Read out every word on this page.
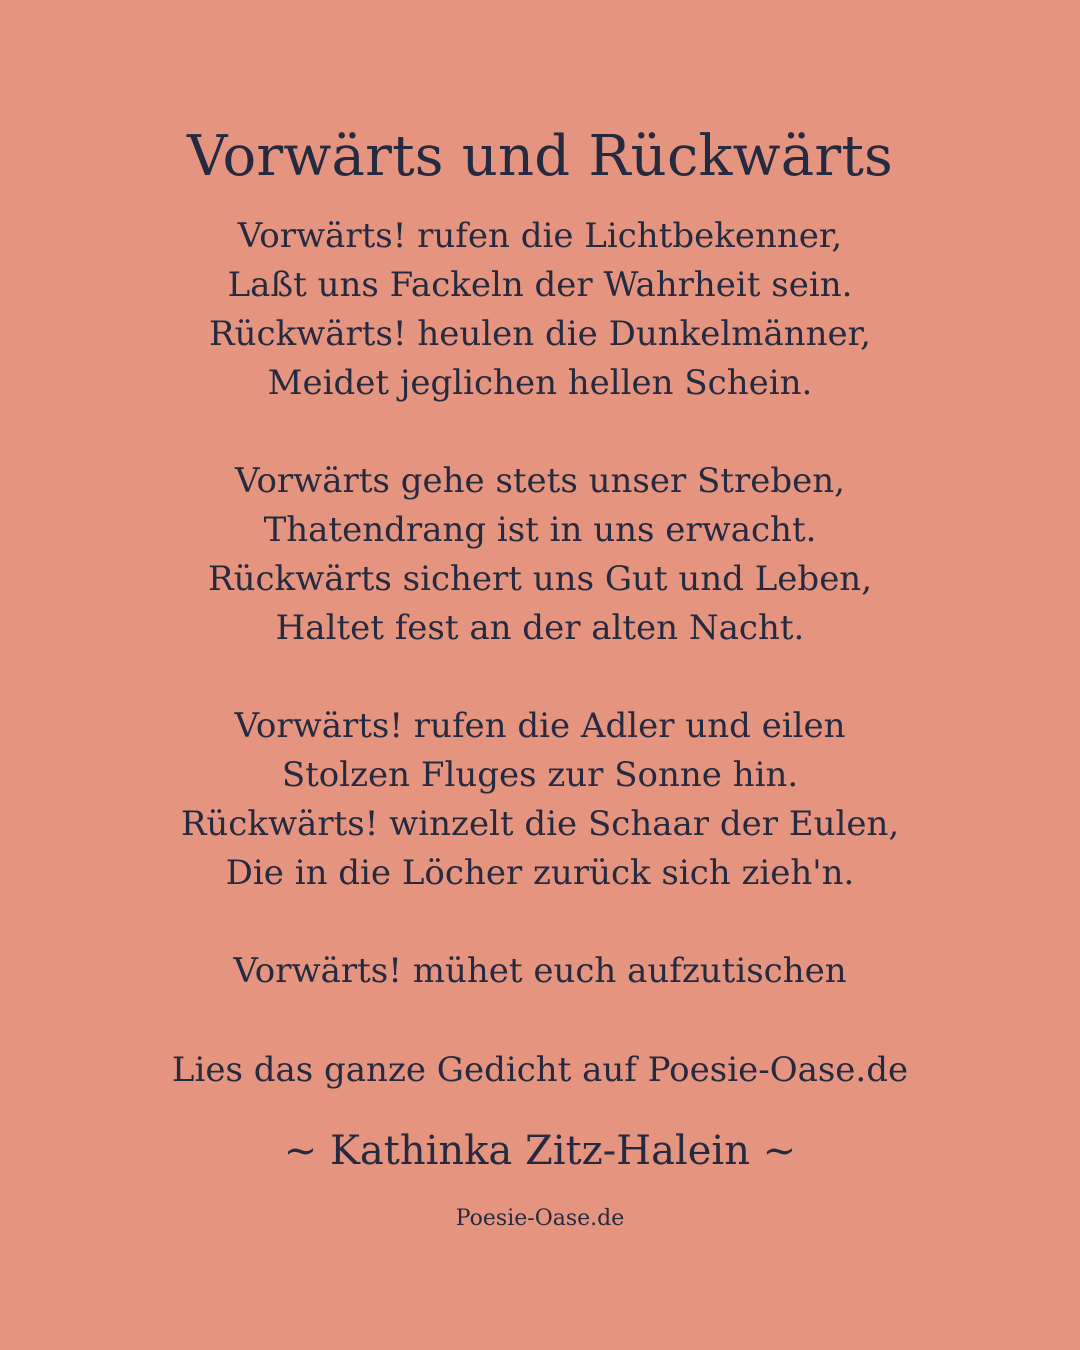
Vorwärts und Rückwärts
Vorwärts! rufen die Lichtbekenner,
Laßt uns Fackeln der Wahrheit sein.
Rückwärts! heulen die Dunkelmänner,
Meidet jeglichen hellen Schein.
Vorwärts gehe stets unser Streben,
Thatendrang ist in uns erwacht.
Rückwärts sichert uns Gut und Leben,
Haltet fest an der alten Nacht.
Vorwärts! rufen die Adler und eilen
Stolzen Fluges zur Sonne hin.
Rückwärts! winzelt die Schaar der Eulen,
Die in die Löcher zurück sich zieh'n.
Vorwärts! mühet euch aufzutischen

Lies das ganze Gedicht auf Poesie-Oase.de

~ Kathinka Zitz-Halein ~

Poesie-Oase.de
